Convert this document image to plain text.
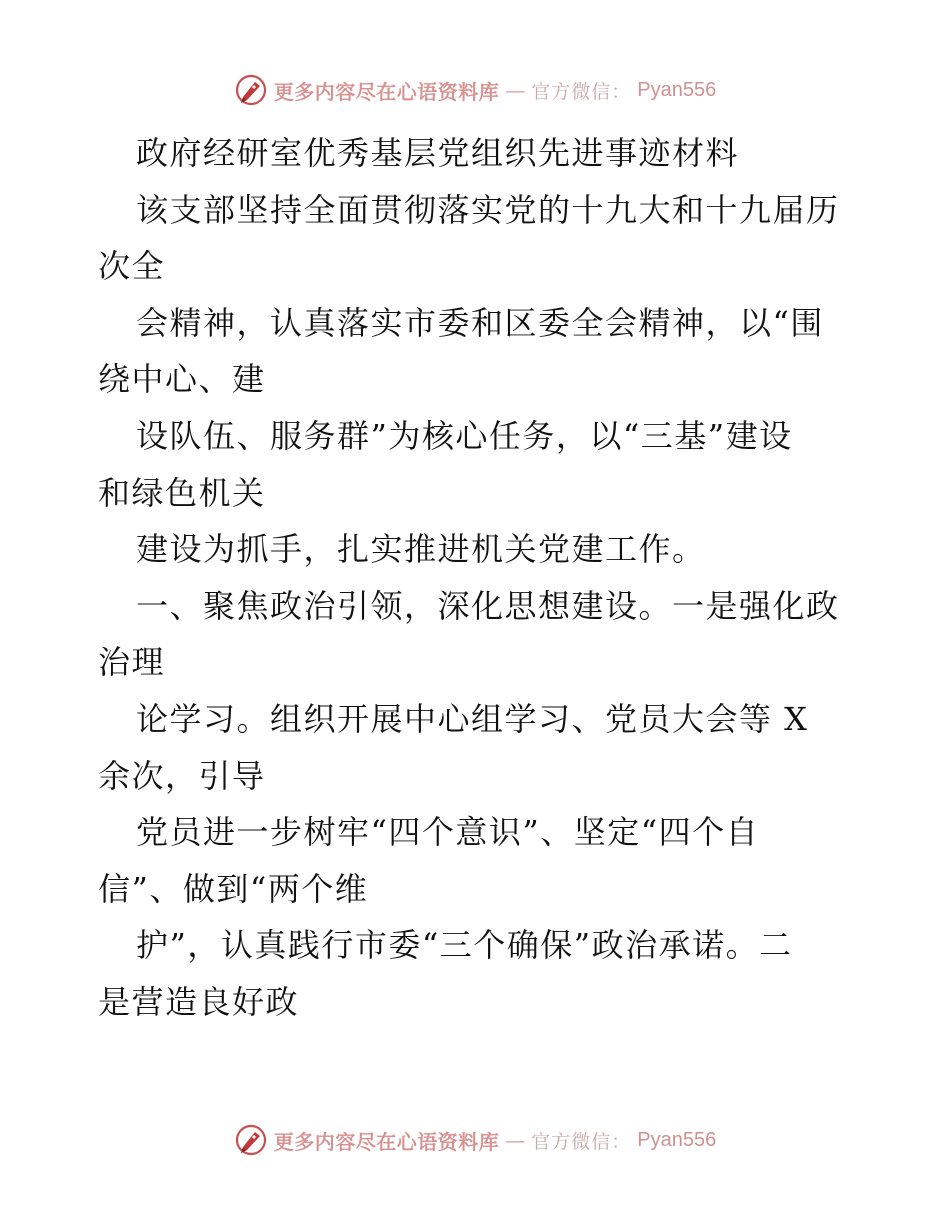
更多内容尽在心语资料库 — 官方微信： Pyan556
政府经研室优秀基层党组织先进事迹材料
该支部坚持全面贯彻落实党的十九大和十九届历
次全
会精神，认真落实市委和区委全会精神，以“围
绕中心、建
设队伍、服务群”为核心任务，以“三基”建设
和绿色机关
建设为抓手，扎实推进机关党建工作。
一、聚焦政治引领，深化思想建设。一是强化政
治理
论学习。组织开展中心组学习、党员大会等 X
余次，引导
党员进一步树牢“四个意识”、坚定“四个自
信”、做到“两个维
护”，认真践行市委“三个确保”政治承诺。二
是营造良好政
更多内容尽在心语资料库 — 官方微信： Pyan556
